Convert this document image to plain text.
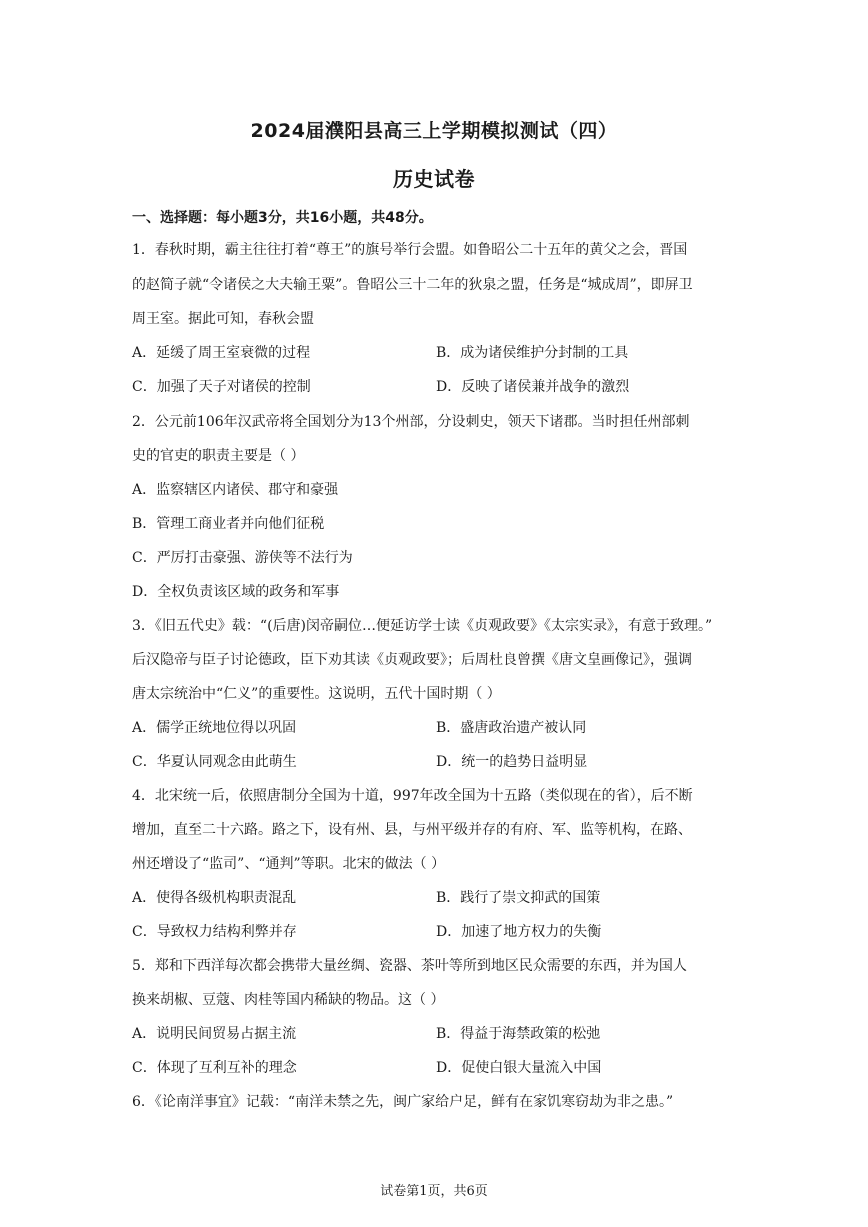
2024届濮阳县高三上学期模拟测试（四）
历史试卷
一、选择题：每小题3分，共16小题，共48分。
1．春秋时期，霸主往往打着“尊王”的旗号举行会盟。如鲁昭公二十五年的黄父之会，晋国
的赵简子就“令诸侯之大夫输王粟”。鲁昭公三十二年的狄泉之盟，任务是“城成周”，即屏卫
周王室。据此可知，春秋会盟
A．延缓了周王室衰微的过程	B．成为诸侯维护分封制的工具
C．加强了天子对诸侯的控制	D．反映了诸侯兼并战争的激烈
2．公元前106年汉武帝将全国划分为13个州部，分设刺史，领天下诸郡。当时担任州部刺
史的官吏的职责主要是（ ）
A．监察辖区内诸侯、郡守和豪强
B．管理工商业者并向他们征税
C．严厉打击豪强、游侠等不法行为
D．全权负责该区域的政务和军事
3．《旧五代史》载：“(后唐)闵帝嗣位…便延访学士读《贞观政要》《太宗实录》，有意于致理。”
后汉隐帝与臣子讨论德政，臣下劝其读《贞观政要》；后周杜良曾撰《唐文皇画像记》，强调
唐太宗统治中“仁义”的重要性。这说明，五代十国时期（ ）
A．儒学正统地位得以巩固	B．盛唐政治遗产被认同
C．华夏认同观念由此萌生	D．统一的趋势日益明显
4．北宋统一后，依照唐制分全国为十道，997年改全国为十五路（类似现在的省），后不断
增加，直至二十六路。路之下，设有州、县，与州平级并存的有府、军、监等机构，在路、
州还增设了“监司”、“通判”等职。北宋的做法（ ）
A．使得各级机构职责混乱	B．践行了崇文抑武的国策
C．导致权力结构利弊并存	D．加速了地方权力的失衡
5．郑和下西洋每次都会携带大量丝绸、瓷器、茶叶等所到地区民众需要的东西，并为国人
换来胡椒、豆蔻、肉桂等国内稀缺的物品。这（ ）
A．说明民间贸易占据主流	B．得益于海禁政策的松弛
C．体现了互利互补的理念	D．促使白银大量流入中国
6．《论南洋事宜》记载：“南洋未禁之先，闽广家给户足，鲜有在家饥寒窃劫为非之患。”
试卷第1页，共6页
